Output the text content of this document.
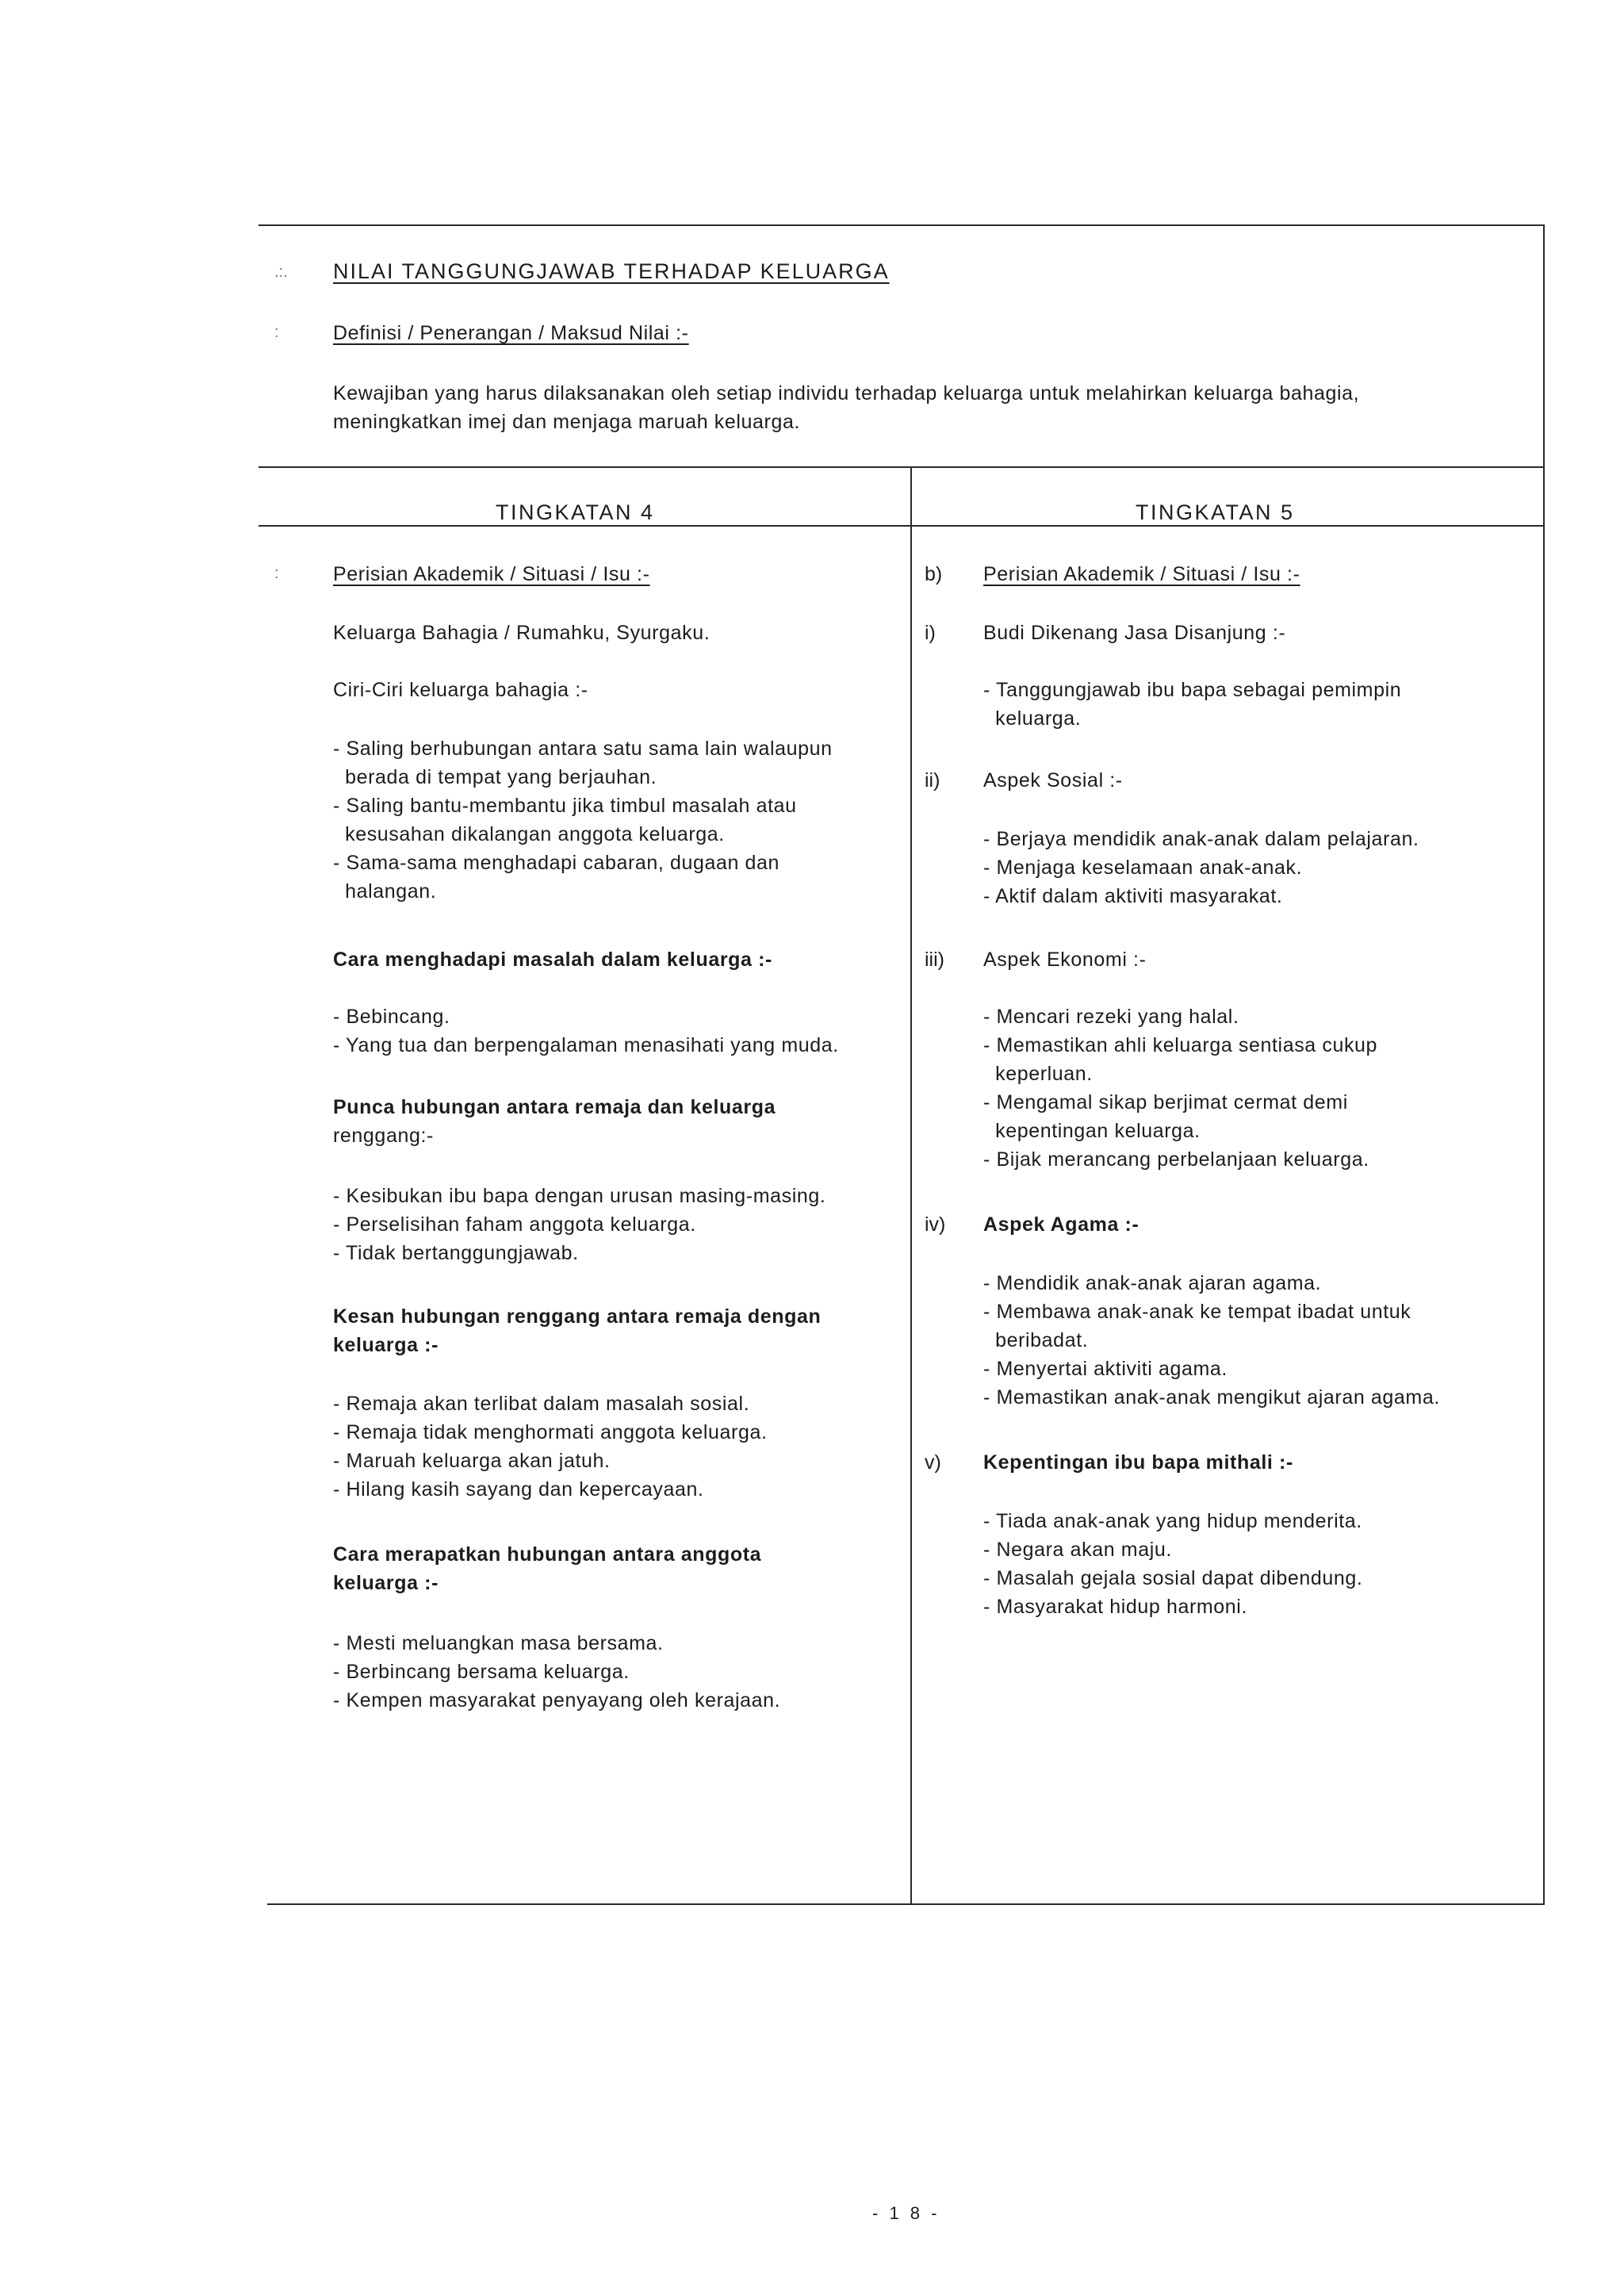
.:. NILAI TANGGUNGJAWAB TERHADAP KELUARGA
:	Definisi / Penerangan / Maksud Nilai :-
Kewajiban yang harus dilaksanakan oleh setiap individu terhadap keluarga untuk melahirkan keluarga bahagia,
meningkatkan imej dan menjaga maruah keluarga.
TINGKATAN 4	TINGKATAN 5
:	Perisian Akademik / Situasi / Isu :-
Keluarga Bahagia / Rumahku, Syurgaku.
Ciri-Ciri keluarga bahagia :-
- Saling berhubungan antara satu sama lain walaupun
berada di tempat yang berjauhan.
- Saling bantu-membantu jika timbul masalah atau
kesusahan dikalangan anggota keluarga.
- Sama-sama menghadapi cabaran, dugaan dan
halangan.
Cara menghadapi masalah dalam keluarga :-
- Bebincang.
- Yang tua dan berpengalaman menasihati yang muda.
Punca hubungan antara remaja dan keluarga
renggang:-
- Kesibukan ibu bapa dengan urusan masing-masing.
- Perselisihan faham anggota keluarga.
- Tidak bertanggungjawab.
Kesan hubungan renggang antara remaja dengan
keluarga :-
- Remaja akan terlibat dalam masalah sosial.
- Remaja tidak menghormati anggota keluarga.
- Maruah keluarga akan jatuh.
- Hilang kasih sayang dan kepercayaan.
Cara merapatkan hubungan antara anggota
keluarga :-
- Mesti meluangkan masa bersama.
- Berbincang bersama keluarga.
- Kempen masyarakat penyayang oleh kerajaan.
b) Perisian Akademik / Situasi / Isu :-
i) Budi Dikenang Jasa Disanjung :-
- Tanggungjawab ibu bapa sebagai pemimpin
keluarga.
ii) Aspek Sosial :-
- Berjaya mendidik anak-anak dalam pelajaran.
- Menjaga keselamaan anak-anak.
- Aktif dalam aktiviti masyarakat.
iii) Aspek Ekonomi :-
- Mencari rezeki yang halal.
- Memastikan ahli keluarga sentiasa cukup
keperluan.
- Mengamal sikap berjimat cermat demi
kepentingan keluarga.
- Bijak merancang perbelanjaan keluarga.
iv) Aspek Agama :-
- Mendidik anak-anak ajaran agama.
- Membawa anak-anak ke tempat ibadat untuk
beribadat.
- Menyertai aktiviti agama.
- Memastikan anak-anak mengikut ajaran agama.
v) Kepentingan ibu bapa mithali :-
- Tiada anak-anak yang hidup menderita.
- Negara akan maju.
- Masalah gejala sosial dapat dibendung.
- Masyarakat hidup harmoni.
- 1 8 -
